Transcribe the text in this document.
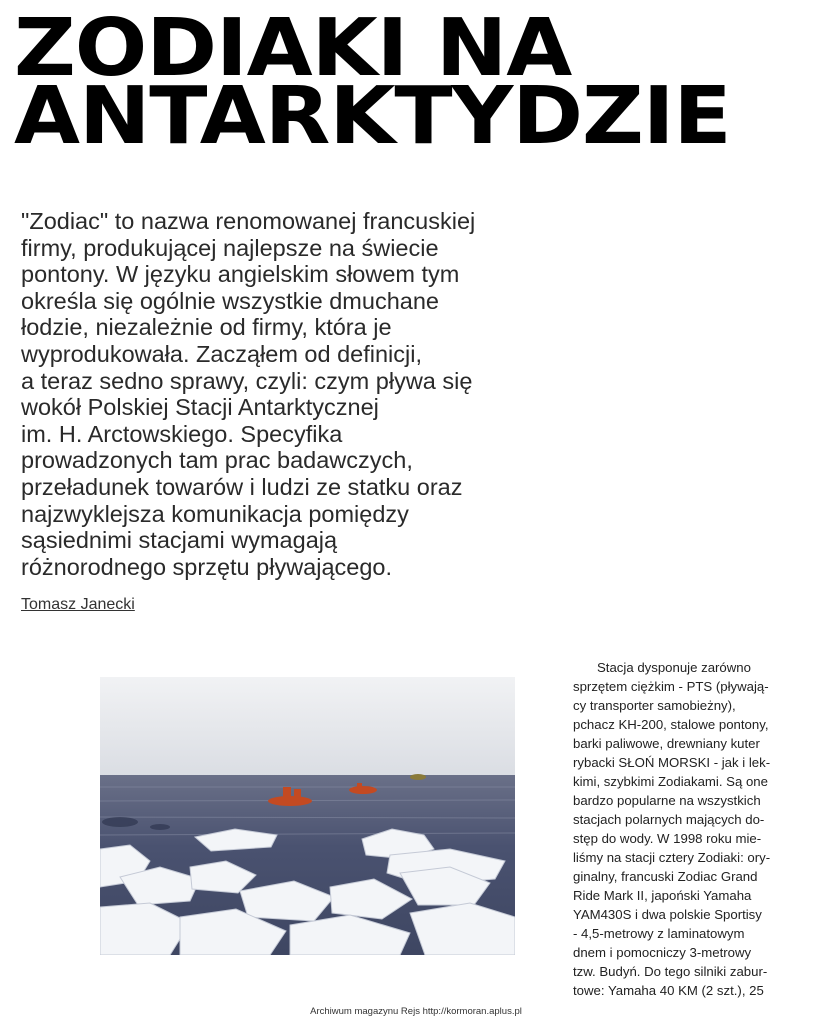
ZODIAKI NA
ANTARKTYDZIE
"Zodiac" to nazwa renomowanej francuskiej
firmy, produkującej najlepsze na świecie
pontony. W języku angielskim słowem tym
określa się ogólnie wszystkie dmuchane
łodzie, niezależnie od firmy, która je
wyprodukowała. Zacząłem od definicji,
a teraz sedno sprawy, czyli: czym pływa się
wokół Polskiej Stacji Antarktycznej
im. H. Arctowskiego. Specyfika
prowadzonych tam prac badawczych,
przeładunek towarów i ludzi ze statku oraz
najzwyklejsza komunikacja pomiędzy
sąsiednimi stacjami wymagają
różnorodnego sprzętu pływającego.
Tomasz Janecki
Stacja dysponuje zarówno
sprzętem ciężkim - PTS (pływają-
cy transporter samobieżny),
pchacz KH-200, stalowe pontony,
barki paliwowe, drewniany kuter
rybacki SŁOŃ MORSKI - jak i lek-
kimi, szybkimi Zodiakami. Są one
bardzo popularne na wszystkich
stacjach polarnych mających do-
stęp do wody. W 1998 roku mie-
liśmy na stacji cztery Zodiaki: ory-
ginalny, francuski Zodiac Grand
Ride Mark II, japoński Yamaha
YAM430S i dwa polskie Sportisy
- 4,5-metrowy z laminatowym
dnem i pomocniczy 3-metrowy
tzw. Budyń. Do tego silniki zabur-
towe: Yamaha 40 KM (2 szt.), 25
Archiwum magazynu Rejs http://kormoran.aplus.pl
